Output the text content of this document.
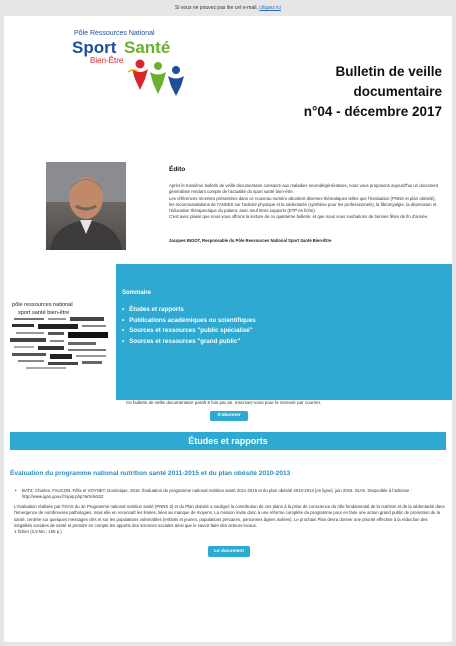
Si vous ne pouvez pas lire cet e-mail, cliquez ici
Pôle Ressources National
Sport Santé
Bien-Être
Bulletin de veille
documentaire
n°04 - décembre 2017
Édito

Après le troisième bulletin de veille documentaire consacré aux maladies neurodégénératives, nous vous proposons aujourd'hui un document généraliste rendant compte de l'actualité du sport santé bien-être.

Les références récentes présentées dans ce nouveau numéro abordent diverses thématiques telles que l'évaluation (PNNS et plan obésité), les recommandations de l'ANSES sur l'activité physique et la sédentarité (synthèse pour les professionnels), la fibromyalgie, la dépression et l'éducation thérapeutique du patient, avec neuf titres supports (ETP en fiche).

C'est avec plaisir que nous vous offrons la lecture de ce quatrième bulletin, et que nous vous souhaitons de bonnes fêtes de fin d'année.

Jacques BIGOT, Responsable du Pôle Ressources National Sport Santé Bien-Être
pôle ressources national
sport santé bien-être
Sommaire
• Études et rapports
• Publications académiques ou scientifiques
• Sources et ressources "public spécialisé"
• Sources et ressources "grand public"
Ce bulletin de veille documentaire paraît 5 fois par an. Inscrivez-vous pour le recevoir par courrier.
S'abonner
Études et rapports
Évaluation du programme national nutrition santé 2011-2015 et du plan obésité 2010-2013
• BATZ, Charles, FAUCON, Félix et VOYNET, Dominique. 2016. Évaluation du programme national nutrition santé 2011-2015 et du plan obésité 2010-2013 [en ligne]. juin 2016. IGAS. Disponible à l'adresse : http://www.igas.gouv.fr/spip.php?article522
L'évaluation réalisée par l'IGAS du 3e Programme national nutrition santé (PNNS 3) et du Plan obésité a souligné la contribution de ces plans à la prise de conscience du rôle fondamental de la nutrition et de la sédentarité dans l'émergence de nombreuses pathologies, mais elle en reconnaît les limites, liées au manque de moyens. La mission invite donc à une réforme complète du programme pour en faire une action grand public de promotion de la santé, centrée sur quelques messages clés et sur les populations vulnérables (enfants et jeunes, populations précaires, personnes âgées isolées). Le prochain Plan devra donner une priorité effective à la réduction des inégalités sociales de santé et prendre en compte les apports des sciences sociales ainsi que le savoir-faire des acteurs locaux.
1 fichier (2,9 Mo ; 155 p.)
Le document
